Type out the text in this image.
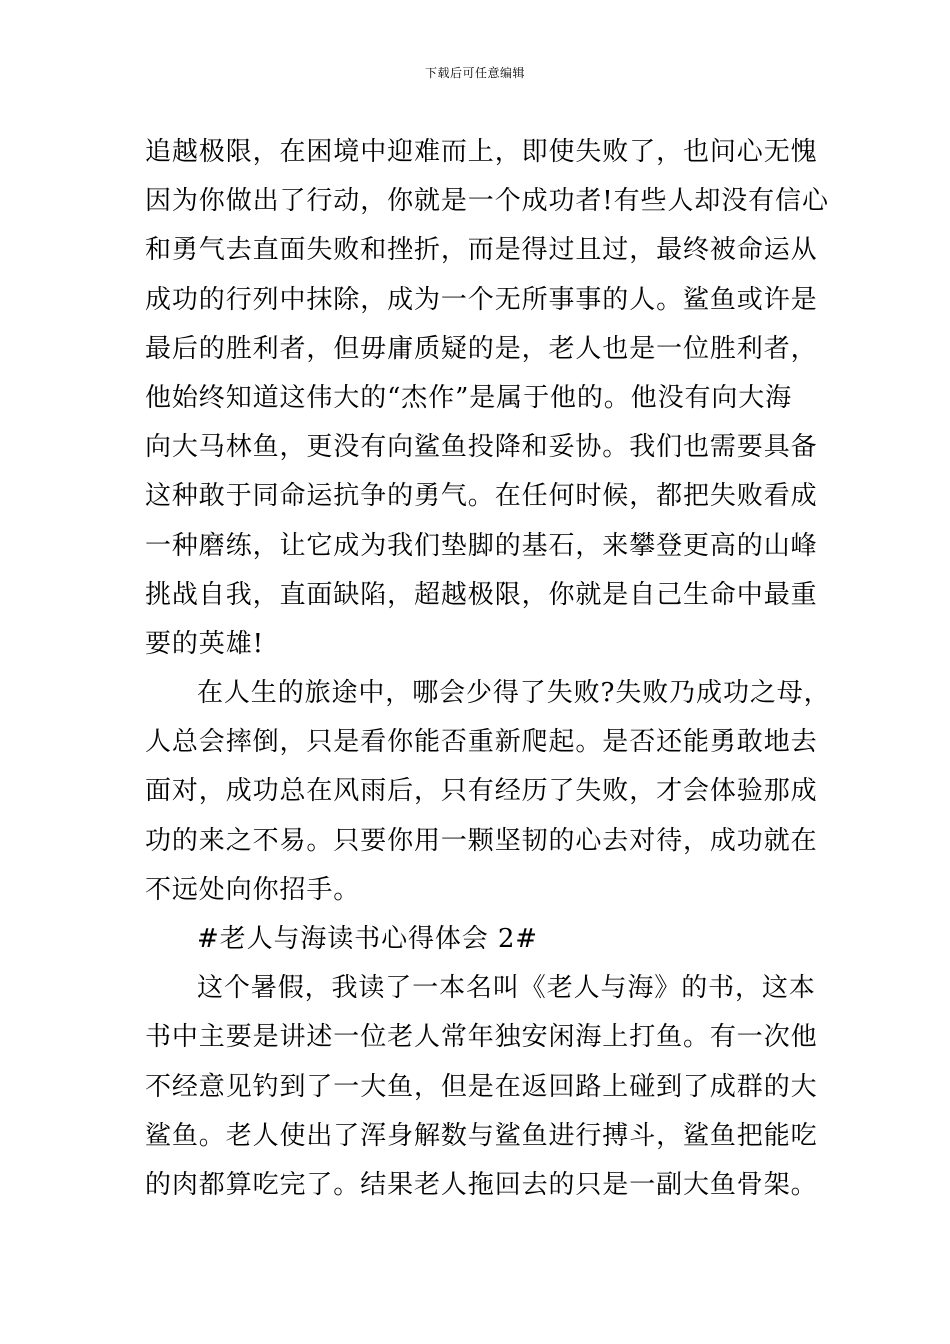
下载后可任意编辑
追越极限，在困境中迎难而上，即使失败了，也问心无愧
因为你做出了行动，你就是一个成功者!有些人却没有信心
和勇气去直面失败和挫折，而是得过且过，最终被命运从
成功的行列中抹除，成为一个无所事事的人。鲨鱼或许是
最后的胜利者，但毋庸质疑的是，老人也是一位胜利者，
他始终知道这伟大的“杰作”是属于他的。他没有向大海
向大马林鱼，更没有向鲨鱼投降和妥协。我们也需要具备
这种敢于同命运抗争的勇气。在任何时候，都把失败看成
一种磨练，让它成为我们垫脚的基石，来攀登更高的山峰
挑战自我，直面缺陷，超越极限，你就是自己生命中最重
要的英雄!
在人生的旅途中，哪会少得了失败?失败乃成功之母，
人总会摔倒，只是看你能否重新爬起。是否还能勇敢地去
面对，成功总在风雨后，只有经历了失败，才会体验那成
功的来之不易。只要你用一颗坚韧的心去对待，成功就在
不远处向你招手。
#老人与海读书心得体会 2#
这个暑假，我读了一本名叫《老人与海》的书，这本
书中主要是讲述一位老人常年独安闲海上打鱼。有一次他
不经意见钓到了一大鱼，但是在返回路上碰到了成群的大
鲨鱼。老人使出了浑身解数与鲨鱼进行搏斗，鲨鱼把能吃
的肉都算吃完了。结果老人拖回去的只是一副大鱼骨架。
